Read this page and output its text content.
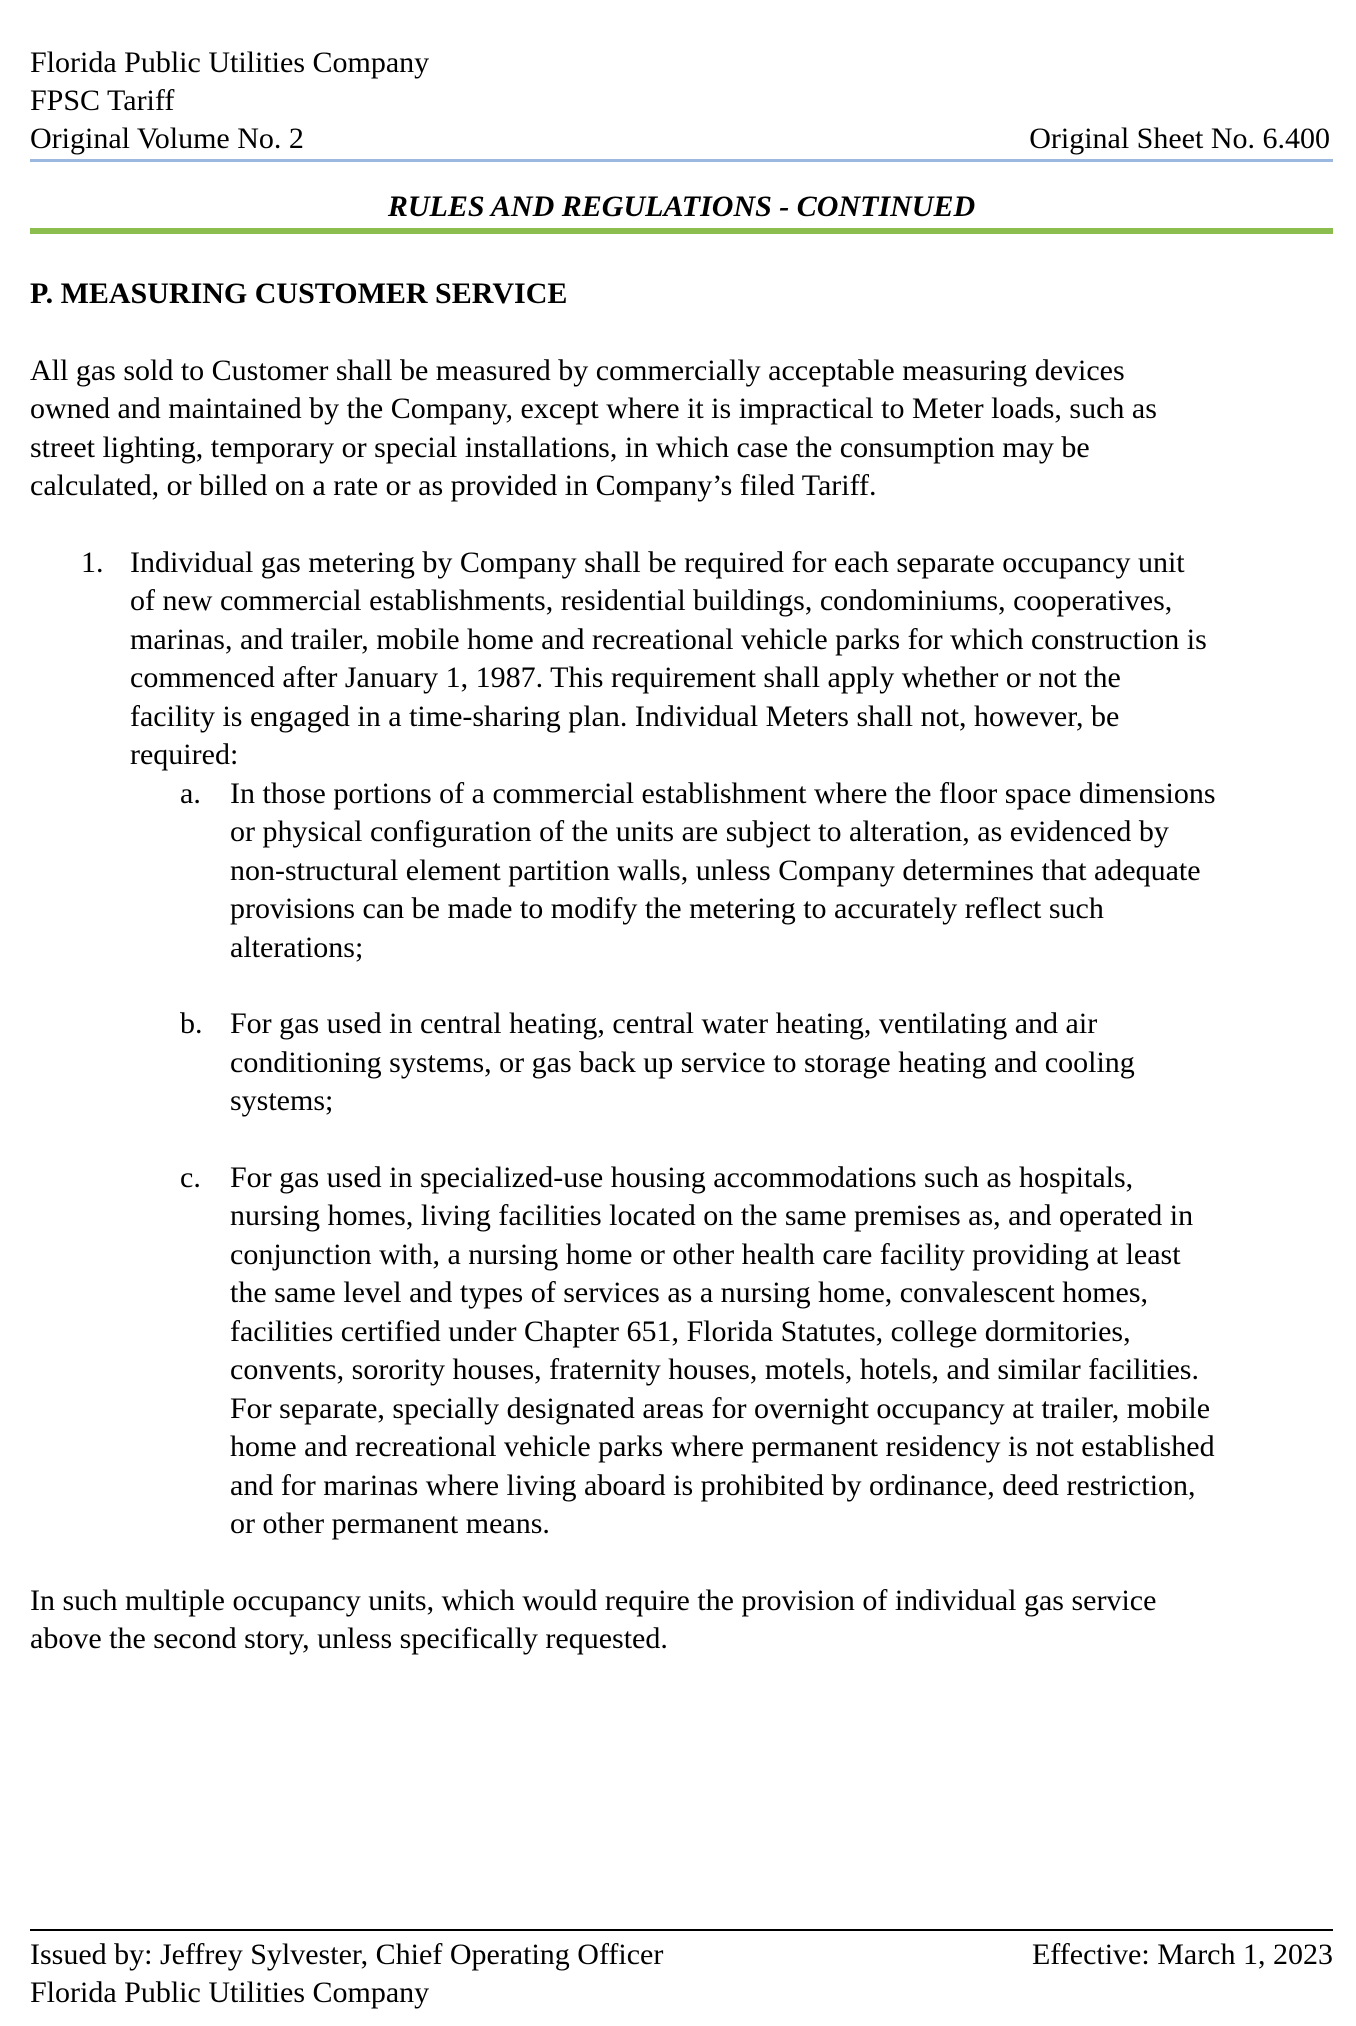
Florida Public Utilities Company
FPSC Tariff
Original Volume No. 2	Original Sheet No. 6.400
RULES AND REGULATIONS - CONTINUED

P. MEASURING CUSTOMER SERVICE

All gas sold to Customer shall be measured by commercially acceptable measuring devices
owned and maintained by the Company, except where it is impractical to Meter loads, such as
street lighting, temporary or special installations, in which case the consumption may be
calculated, or billed on a rate or as provided in Company’s filed Tariff.
1. Individual gas metering by Company shall be required for each separate occupancy unit
of new commercial establishments, residential buildings, condominiums, cooperatives,
marinas, and trailer, mobile home and recreational vehicle parks for which construction is
commenced after January 1, 1987. This requirement shall apply whether or not the
facility is engaged in a time-sharing plan. Individual Meters shall not, however, be
required:
a. In those portions of a commercial establishment where the floor space dimensions
or physical configuration of the units are subject to alteration, as evidenced by
non-structural element partition walls, unless Company determines that adequate
provisions can be made to modify the metering to accurately reflect such
alterations;
b. For gas used in central heating, central water heating, ventilating and air
conditioning systems, or gas back up service to storage heating and cooling
systems;
c. For gas used in specialized-use housing accommodations such as hospitals,
nursing homes, living facilities located on the same premises as, and operated in
conjunction with, a nursing home or other health care facility providing at least
the same level and types of services as a nursing home, convalescent homes,
facilities certified under Chapter 651, Florida Statutes, college dormitories,
convents, sorority houses, fraternity houses, motels, hotels, and similar facilities.
For separate, specially designated areas for overnight occupancy at trailer, mobile
home and recreational vehicle parks where permanent residency is not established
and for marinas where living aboard is prohibited by ordinance, deed restriction,
or other permanent means.
In such multiple occupancy units, which would require the provision of individual gas service
above the second story, unless specifically requested.
Issued by: Jeffrey Sylvester, Chief Operating Officer	Effective: March 1, 2023
Florida Public Utilities Company
